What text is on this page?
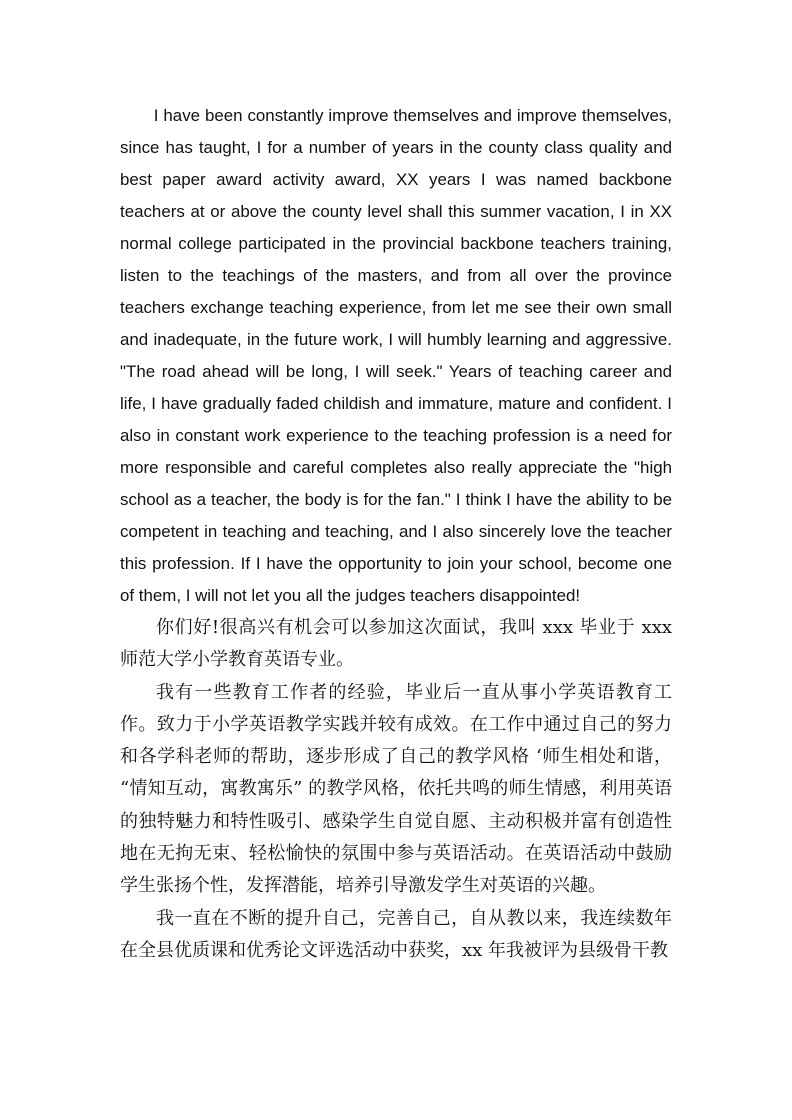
I have been constantly improve themselves and improve themselves, since has taught, I for a number of years in the county class quality and best paper award activity award, XX years I was named backbone teachers at or above the county level shall this summer vacation, I in XX normal college participated in the provincial backbone teachers training, listen to the teachings of the masters, and from all over the province teachers exchange teaching experience, from let me see their own small and inadequate, in the future work, I will humbly learning and aggressive. "The road ahead will be long, I will seek." Years of teaching career and life, I have gradually faded childish and immature, mature and confident. I also in constant work experience to the teaching profession is a need for more responsible and careful completes also really appreciate the "high school as a teacher, the body is for the fan." I think I have the ability to be competent in teaching and teaching, and I also sincerely love the teacher this profession. If I have the opportunity to join your school, become one of them, I will not let you all the judges teachers disappointed!

你们好!很高兴有机会可以参加这次面试，我叫 xxx 毕业于 xxx 师范大学小学教育英语专业。

我有一些教育工作者的经验，毕业后一直从事小学英语教育工作。致力于小学英语教学实践并较有成效。在工作中通过自己的努力和各学科老师的帮助，逐步形成了自己的教学风格 ‘师生相处和谐， “情知互动，寓教寓乐” 的教学风格，依托共鸣的师生情感，利用英语的独特魅力和特性吸引、感染学生自觉自愿、主动积极并富有创造性地在无拘无束、轻松愉快的氛围中参与英语活动。在英语活动中鼓励学生张扬个性，发挥潜能，培养引导激发学生对英语的兴趣。

我一直在不断的提升自己，完善自己，自从教以来，我连续数年在全县优质课和优秀论文评选活动中获奖，xx 年我被评为县级骨干教
